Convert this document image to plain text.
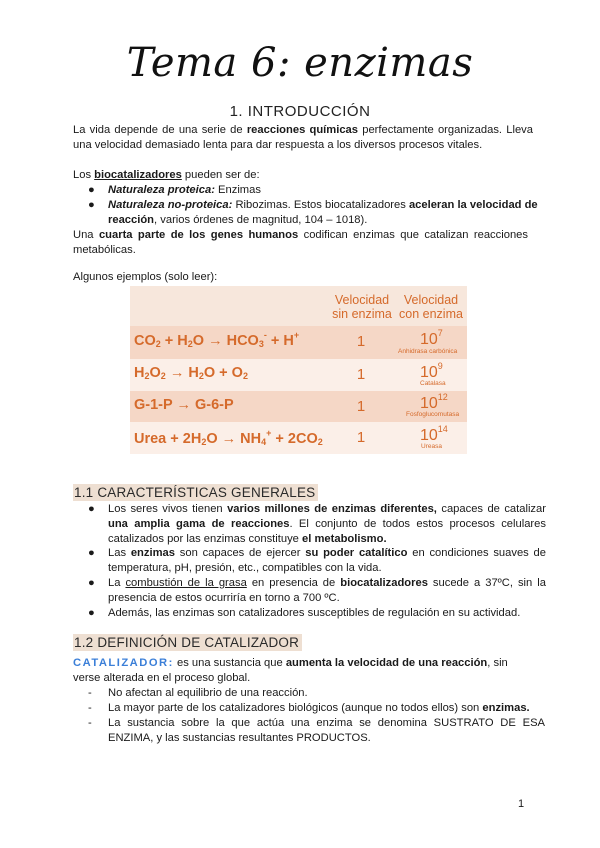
Tema 6: enzimas
1. INTRODUCCIÓN
La vida depende de una serie de reacciones químicas perfectamente organizadas. Lleva una velocidad demasiado lenta para dar respuesta a los diversos procesos vitales.
Los biocatalizadores pueden ser de:
● Naturaleza proteica: Enzimas
● Naturaleza no-proteica: Ribozimas. Estos biocatalizadores aceleran la velocidad de reacción, varios órdenes de magnitud, 104 – 1018).
Una cuarta parte de los genes humanos codifican enzimas que catalizan reacciones metabólicas.
Algunos ejemplos (solo leer):
Velocidad sin enzima
Velocidad con enzima
$CO_2 + H_2O \to HCO_3^- + H^+$	1	$10^7$
Anhidrasa carbónica
$H_2O_2 \to H_2O + O_2$	1	$10^9$
Catalasa
G-1-P → G-6-P	1	$10^{12}$
Fosfoglucomutasa
Urea + $2H_2O \to NH_4^+ + 2CO_2$ 1	$10^{14}$
Ureasa
1.1 CARACTERÍSTICAS GENERALES
● Los seres vivos tienen varios millones de enzimas diferentes, capaces de catalizar una amplia gama de reacciones. El conjunto de todos estos procesos celulares catalizados por las enzimas constituye el metabolismo.
● Las enzimas son capaces de ejercer su poder catalítico en condiciones suaves de temperatura, pH, presión, etc., compatibles con la vida.
● La combustión de la grasa en presencia de biocatalizadores sucede a 37ºC, sin la presencia de estos ocurriría en torno a 700 ºC.
● Además, las enzimas son catalizadores susceptibles de regulación en su actividad.
1.2 DEFINICIÓN DE CATALIZADOR
CATALIZADOR: es una sustancia que aumenta la velocidad de una reacción, sin verse alterada en el proceso global.
- No afectan al equilibrio de una reacción.
- La mayor parte de los catalizadores biológicos (aunque no todos ellos) son enzimas.
- La sustancia sobre la que actúa una enzima se denomina SUSTRATO DE ESA ENZIMA, y las sustancias resultantes PRODUCTOS.
1
